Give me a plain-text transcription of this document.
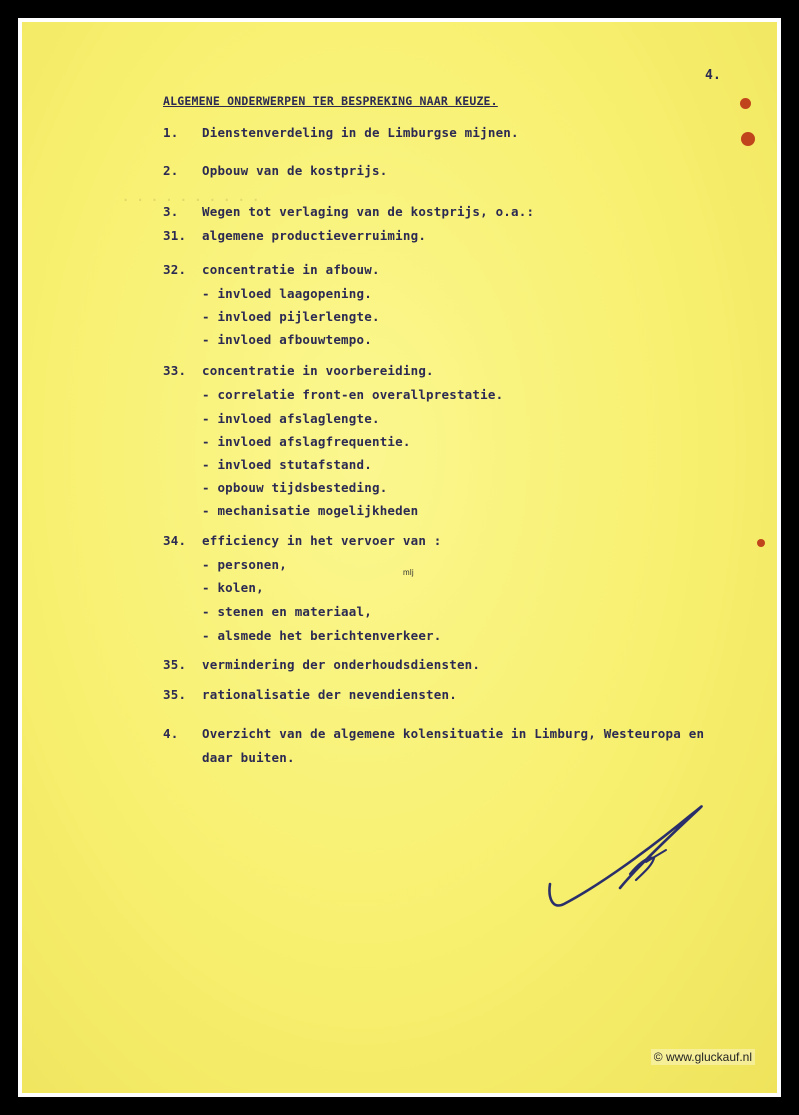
. . . . . . . . . .
4.
ALGEMENE ONDERWERPEN TER BESPREKING NAAR KEUZE.
1. Dienstenverdeling in de Limburgse mijnen.
2. Opbouw van de kostprijs.
3. Wegen tot verlaging van de kostprijs, o.a.:
31. algemene productieverruiming.
32. concentratie in afbouw.
- invloed laagopening.
- invloed pijlerlengte.
- invloed afbouwtempo.
33. concentratie in voorbereiding.
- correlatie front-en overallprestatie.
- invloed afslaglengte.
- invloed afslagfrequentie.
- invloed stutafstand.
- opbouw tijdsbesteding.
- mechanisatie mogelijkheden
34. efficiency in het vervoer van :
- personen,
- kolen,
- stenen en materiaal,
- alsmede het berichtenverkeer.
mlj
35. vermindering der onderhoudsdiensten.
35. rationalisatie der nevendiensten.
4. Overzicht van de algemene kolensituatie in Limburg, Westeuropa en
daar buiten.
© www.gluckauf.nl
